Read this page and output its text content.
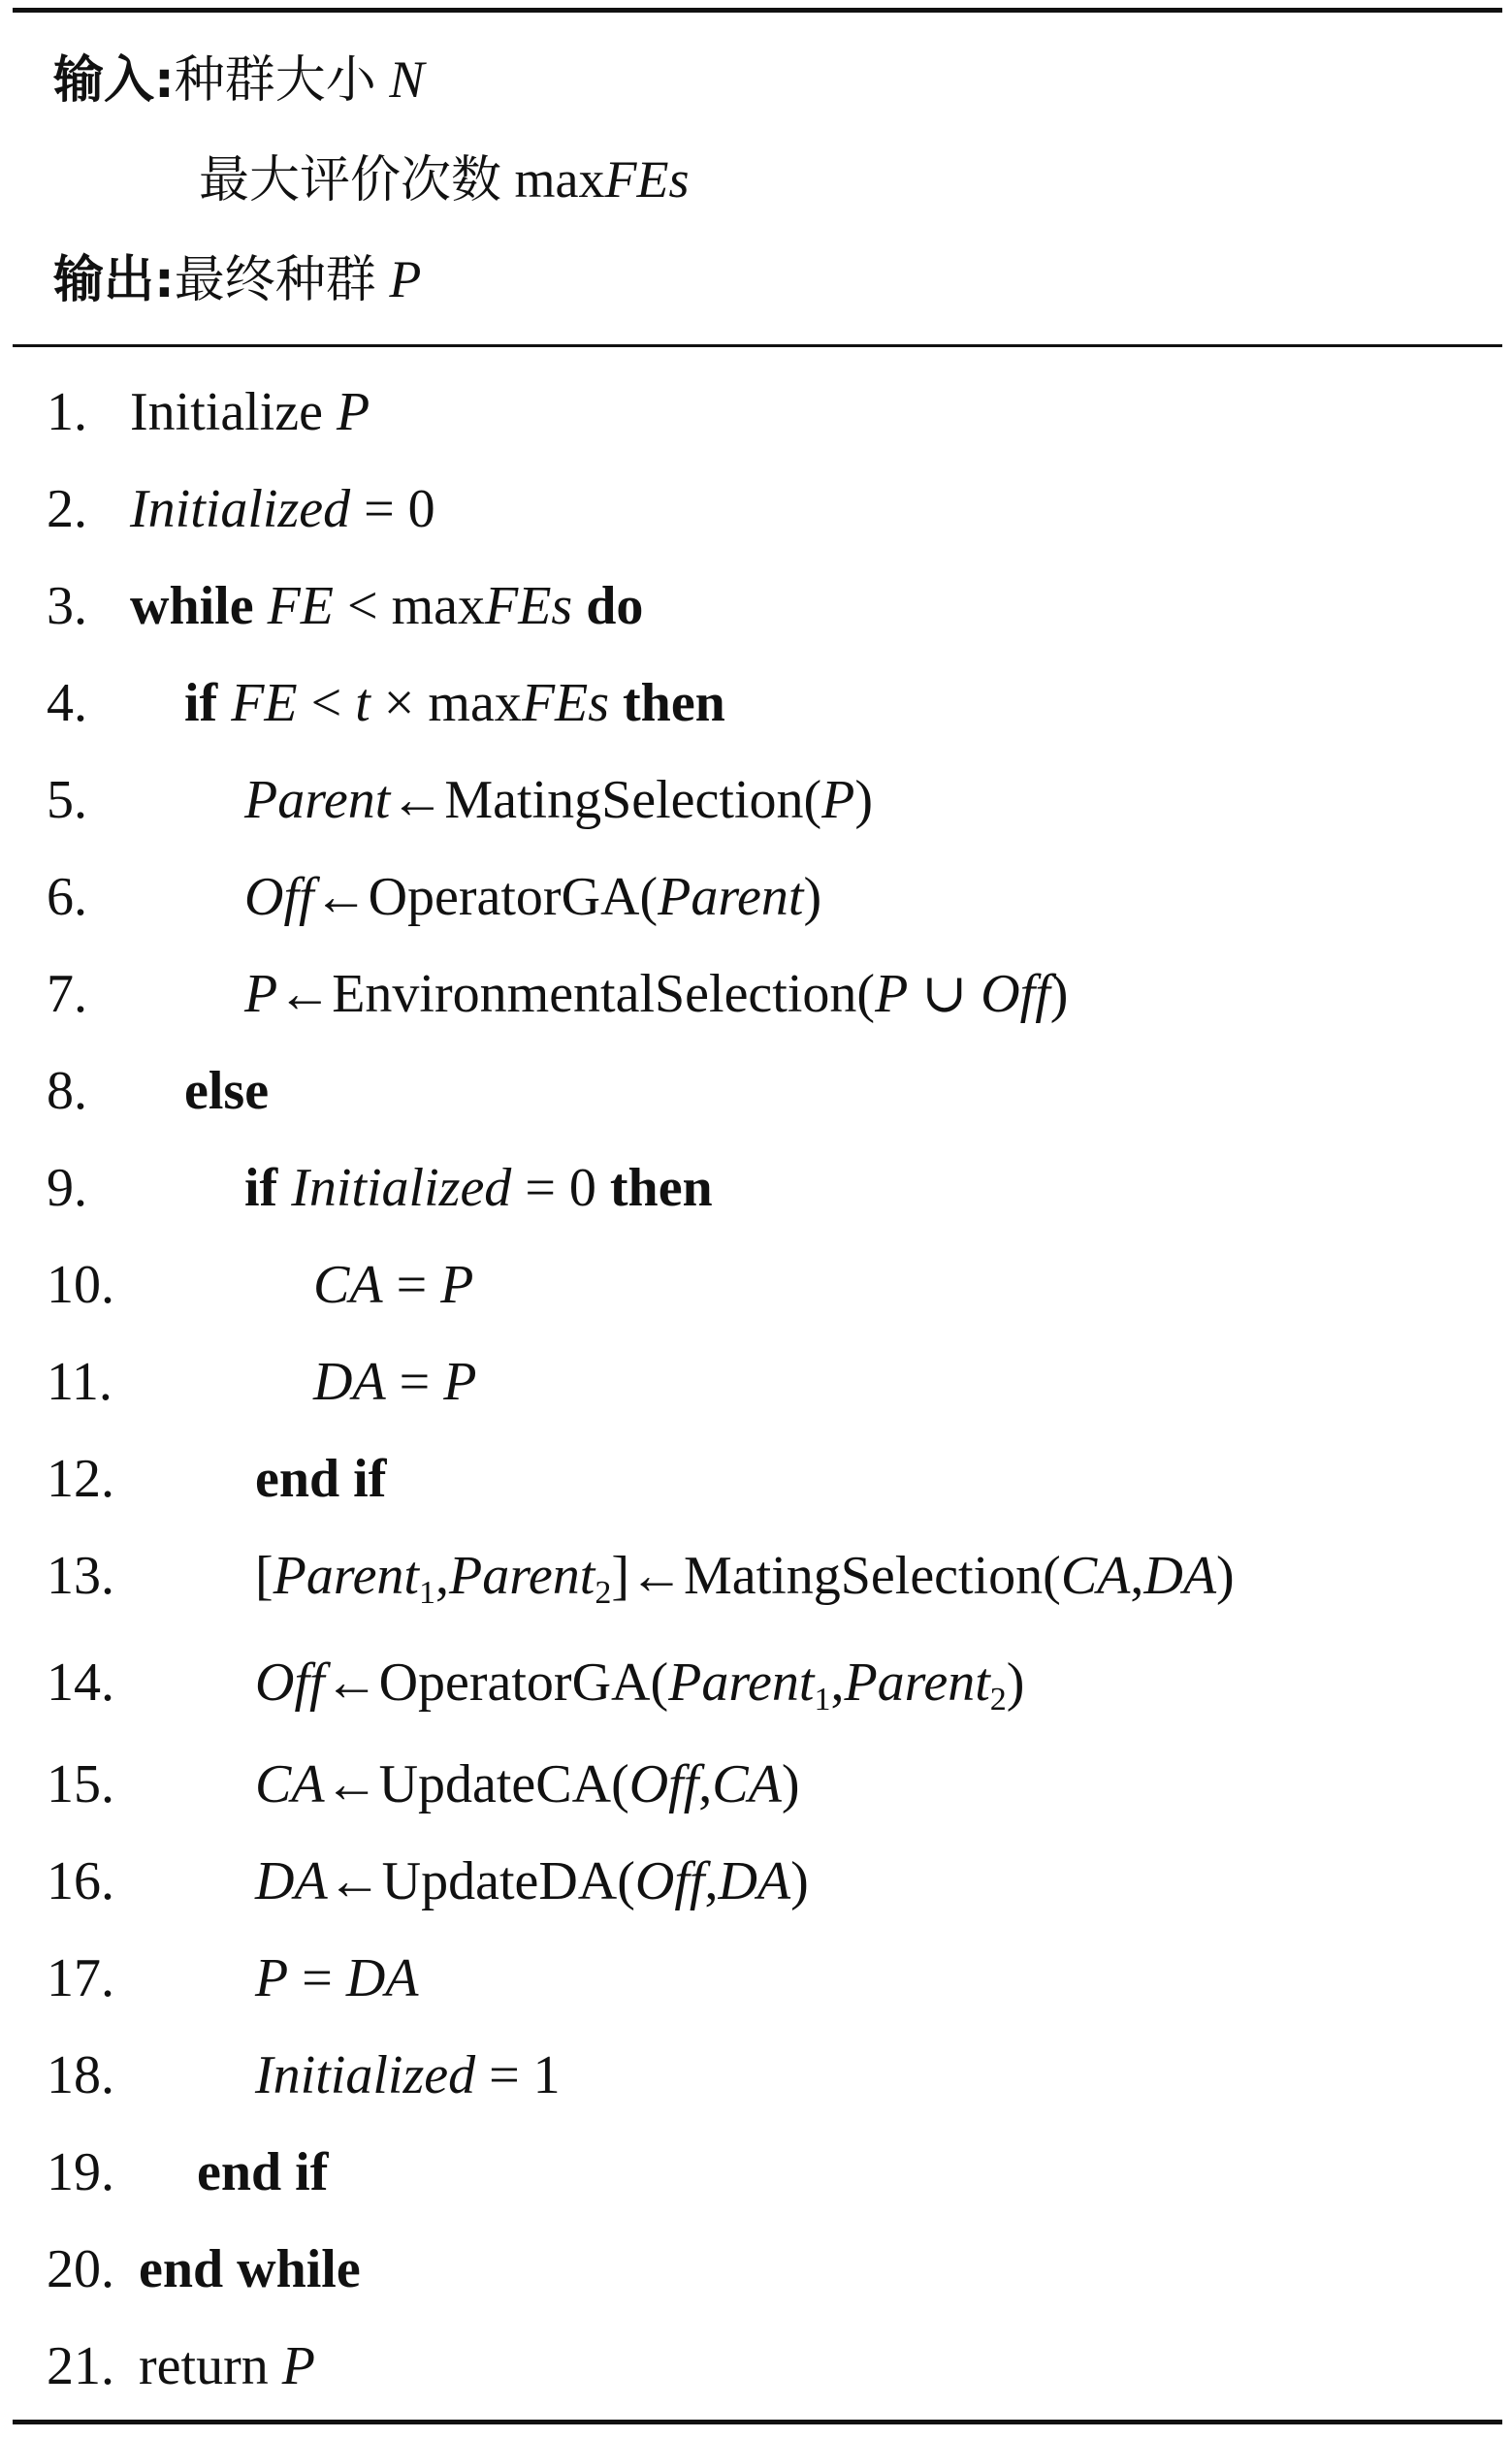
输入:种群大小 N
最大评价次数 maxFEs
输出:最终种群 P
1. Initialize P
2. Initialized = 0
3. while FE < maxFEs do
4. if FE < t × maxFEs then
5.	Parent←MatingSelection(P)
6.	Off←OperatorGA(Parent)
7.	P←EnvironmentalSelection(P ∪ Off)
8. else
9.	if Initialized = 0 then
10.	CA = P
11.	DA = P
12.	end if
13.	[Parent$_1$,Parent$_2$]←MatingSelection(CA,DA)
14.	Off←OperatorGA(Parent$_1$,Parent$_2$)
15.	CA←UpdateCA(Off,CA)
16.	DA←UpdateDA(Off,DA)
17.	P = DA
18.	Initialized = 1
19. end if
20. end while
21. return P
